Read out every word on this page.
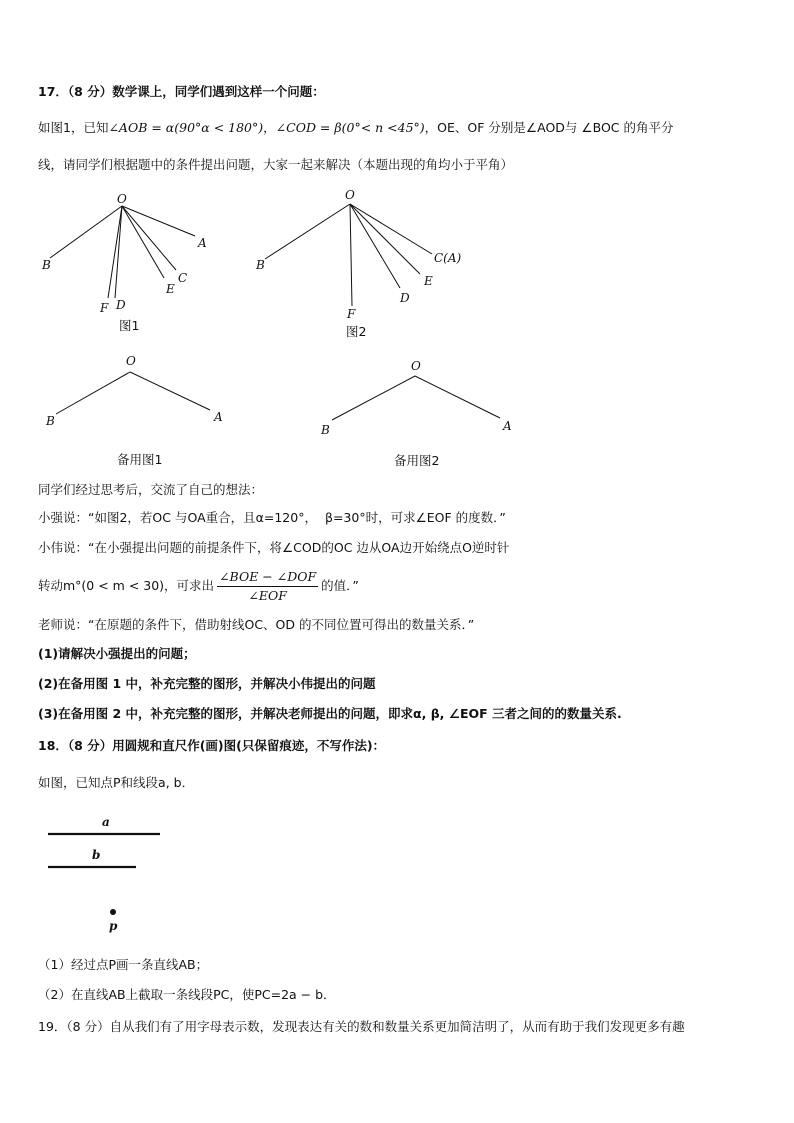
17．（8 分）数学课上，同学们遇到这样一个问题：
如图1，已知∠AOB = α(90°α < 180°)，∠COD = β(0°< n <45°)，OE、OF 分别是∠AOD与 ∠BOC 的角平分
线，请同学们根据题中的条件提出问题，大家一起来解决（本题出现的角均小于平角）
O
A
B
C
E
D
F
图1
O
C(A)
B
E
D
F
图2
O
B	A
备用图1
O
B	A
备用图2
同学们经过思考后，交流了自己的想法：
小强说：“如图2，若OC 与OA重合，且α=120°， β=30°时，可求∠EOF 的度数．”
小伟说：“在小强提出问题的前提条件下，将∠COD的OC 边从OA边开始绕点O逆时针
转动m°(0 < m < 30)，可求出 $\frac{\text{∠BOE − ∠DOF}}{\text{∠EOF}}$ 的值．”
老师说：“在原题的条件下，借助射线OC、OD 的不同位置可得出的数量关系．”
(1)请解决小强提出的问题；
(2)在备用图 1 中，补充完整的图形，并解决小伟提出的问题
(3)在备用图 2 中，补充完整的图形，并解决老师提出的问题，即求α, β, ∠EOF 三者之间的的数量关系.
18．（8 分）用圆规和直尺作(画)图(只保留痕迹，不写作法)：
如图，已知点P和线段a, b．
a
b
p
（1）经过点P画一条直线AB；
（2）在直线AB上截取一条线段PC，使PC=2a − b．
19．（8 分）自从我们有了用字母表示数，发现表达有关的数和数量关系更加简洁明了，从而有助于我们发现更多有趣
